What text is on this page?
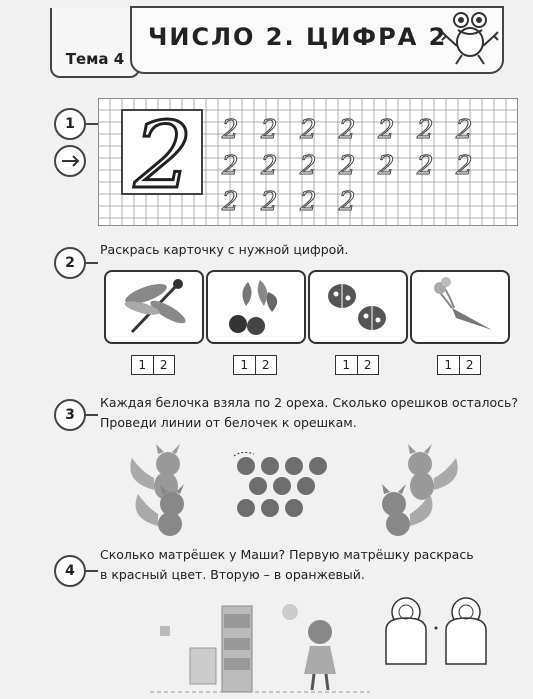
Тема 4
ЧИСЛО 2. ЦИФРА 2
1 2 2 2 2 2 2 2 2
2 2 2 2 2 2 2
2 2 2 2
2
Раскрась карточку с нужной цифрой.
1	2	1	2	1	2	1	2
3
Каждая белочка взяла по 2 ореха. Сколько орешков осталось?
Проведи линии от белочек к орешкам.
4
Сколько матрёшек у Маши? Первую матрёшку раскрась
в красный цвет. Вторую – в оранжевый.
